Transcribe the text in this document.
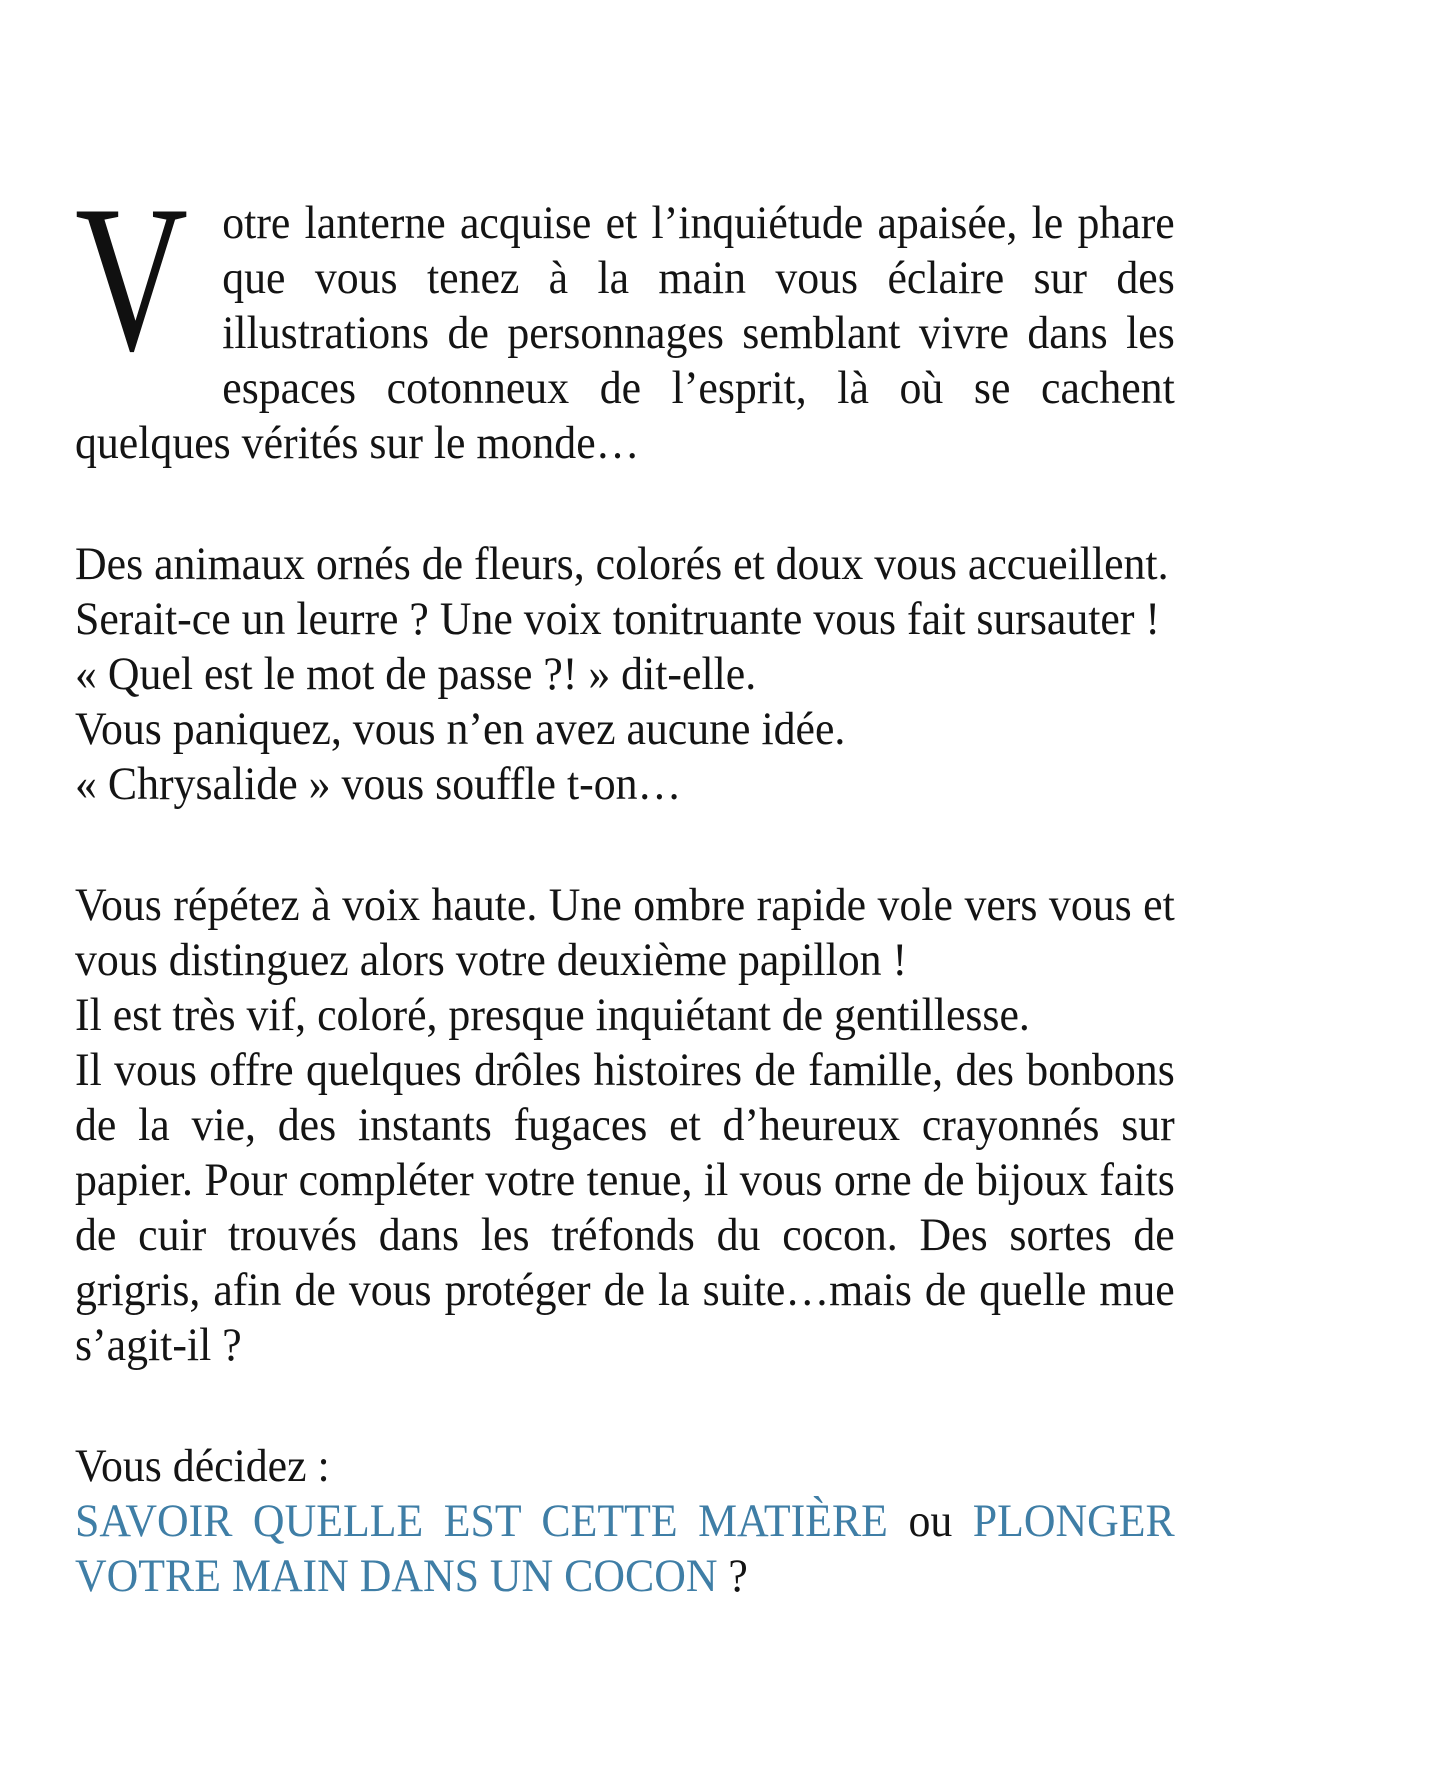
V otre lanterne acquise et l’inquiétude apaisée, le phare que vous tenez à la main vous éclaire sur des illustrations de personnages semblant vivre dans les espaces cotonneux de l’esprit, là où se cachent quelques vérités sur le monde…

Des animaux ornés de fleurs, colorés et doux vous accueillent.
Serait-ce un leurre ? Une voix tonitruante vous fait sursauter !
« Quel est le mot de passe ?! » dit-elle.
Vous paniquez, vous n’en avez aucune idée.
« Chrysalide » vous souffle t-on…

Vous répétez à voix haute. Une ombre rapide vole vers vous et vous distinguez alors votre deuxième papillon !
Il est très vif, coloré, presque inquiétant de gentillesse.
Il vous offre quelques drôles histoires de famille, des bonbons de la vie, des instants fugaces et d’heureux crayonnés sur papier. Pour compléter votre tenue, il vous orne de bijoux faits de cuir trouvés dans les tréfonds du cocon. Des sortes de grigris, afin de vous protéger de la suite…mais de quelle mue s’agit-il ?

Vous décidez :
SAVOIR QUELLE EST CETTE MATIÈRE ou PLONGER VOTRE MAIN DANS UN COCON ?
